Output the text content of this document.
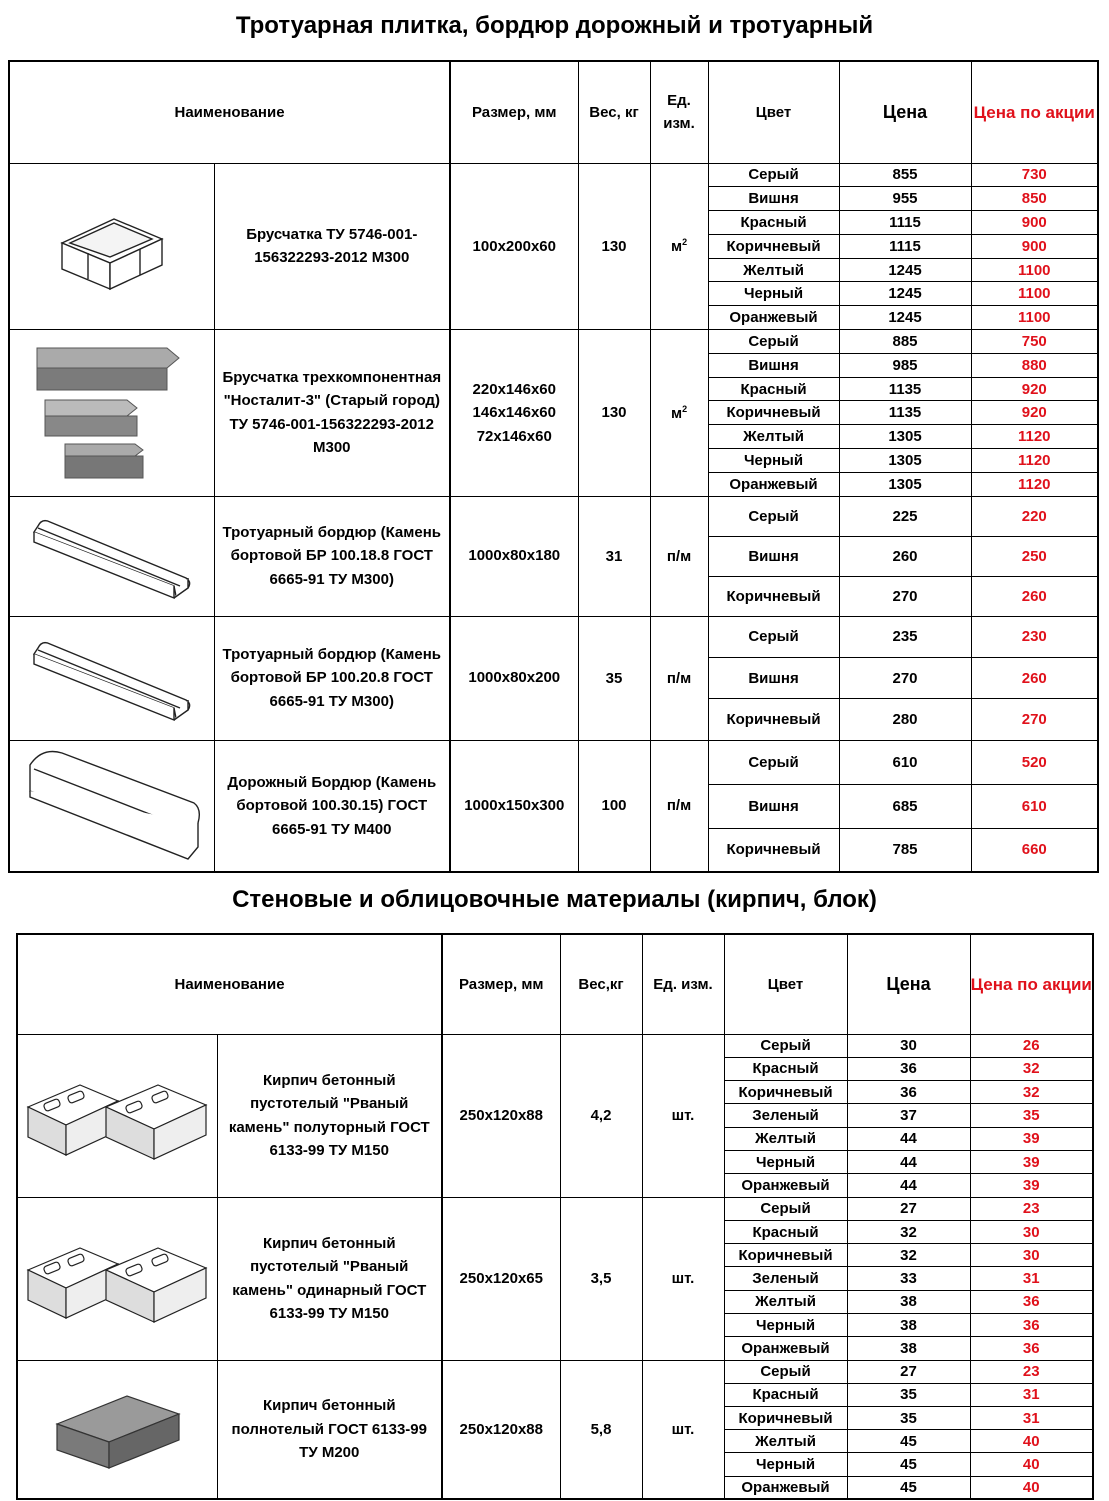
Тротуарная плитка, бордюр дорожный и тротуарный
Наименование		Размер, мм	Вес, кг	Ед. изм.	Цвет	Цена	Цена по акции

	Брусчатка ТУ 5746-001-156322293-2012 М300	100x200x60	130	$м^2$	Серый	855	730
					Вишня	955	850
					Красный	1115	900
					Коричневый	1115	900
					Желтый	1245	1100
					Черный	1245	1100
					Оранжевый	1245	1100

	Брусчатка трехкомпонентная "Носталит-3" (Старый город) ТУ 5746-001-156322293-2012 М300	220x146x60 146x146x60 72x146x60	130	$м^2$	Серый	885	750
					Вишня	985	880
					Красный	1135	920
					Коричневый	1135	920
					Желтый	1305	1120
					Черный	1305	1120
					Оранжевый	1305	1120

	Тротуарный бордюр (Камень бортовой БР 100.18.8 ГОСТ 6665-91 ТУ М300)	1000x80x180	31	п/м	Серый	225	220
					Вишня	260	250
					Коричневый	270	260

	Тротуарный бордюр (Камень бортовой БР 100.20.8 ГОСТ 6665-91 ТУ М300)	1000x80x200	35	п/м	Серый	235	230
					Вишня	270	260
					Коричневый	280	270

	Дорожный Бордюр (Камень бортовой 100.30.15) ГОСТ 6665-91 ТУ М400	1000x150x300	100	п/м	Серый	610	520
					Вишня	685	610
					Коричневый	785	660
Стеновые и облицовочные материалы (кирпич, блок)
Наименование		Размер, мм	Вес,кг	Ед. изм.	Цвет	Цена	Цена по акции

	Кирпич бетонный пустотелый "Рваный камень" полуторный ГОСТ 6133-99 ТУ М150	250x120x88	4,2	шт.	Серый	30	26
					Красный	36	32
					Коричневый	36	32
					Зеленый	37	35
					Желтый	44	39
					Черный	44	39
					Оранжевый	44	39

	Кирпич бетонный пустотелый "Рваный камень" одинарный ГОСТ 6133-99 ТУ М150	250x120x65	3,5	шт.	Серый	27	23
					Красный	32	30
					Коричневый	32	30
					Зеленый	33	31
					Желтый	38	36
					Черный	38	36
					Оранжевый	38	36

	Кирпич бетонный полнотелый ГОСТ 6133-99 ТУ М200	250x120x88	5,8	шт.	Серый	27	23
					Красный	35	31
					Коричневый	35	31
					Желтый	45	40
					Черный	45	40
					Оранжевый	45	40
